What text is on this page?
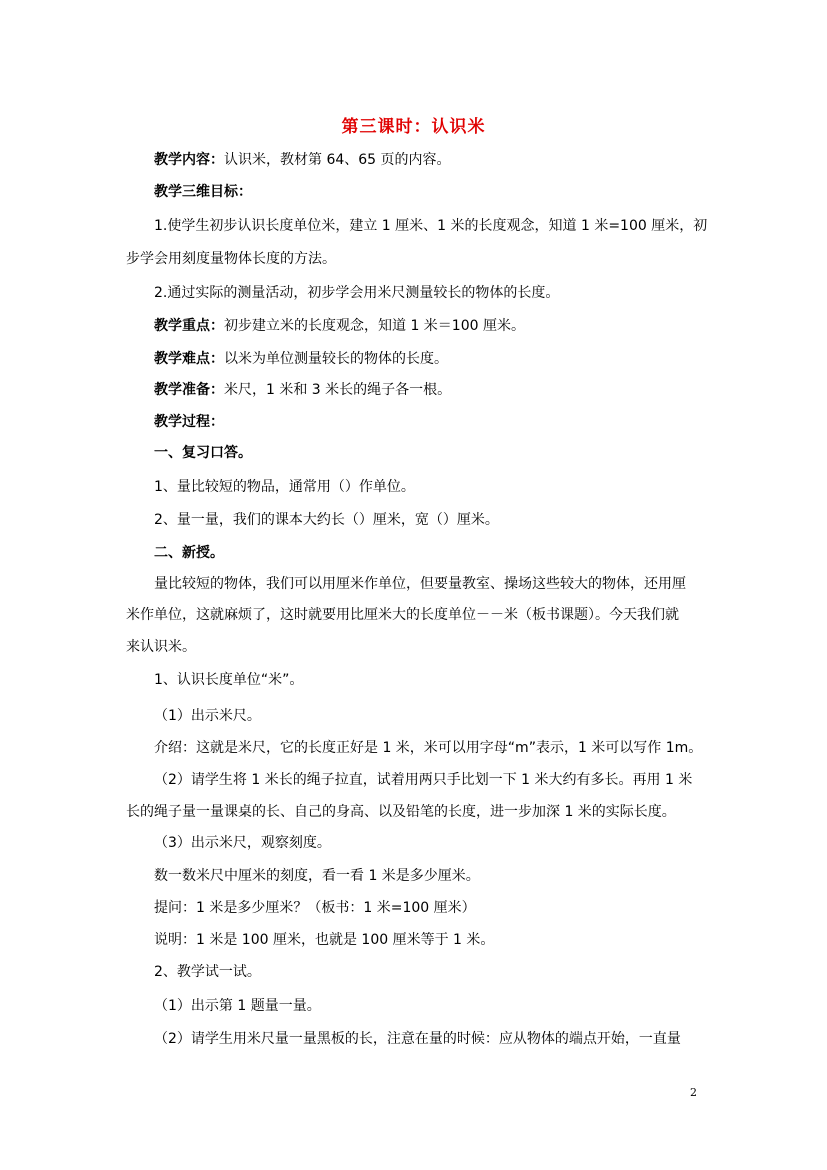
第三课时：认识米
教学内容：认识米，教材第 64、65 页的内容。
教学三维目标：
1.使学生初步认识长度单位米，建立 1 厘米、1 米的长度观念，知道 1 米=100 厘米，初
步学会用刻度量物体长度的方法。
2.通过实际的测量活动，初步学会用米尺测量较长的物体的长度。
教学重点：初步建立米的长度观念，知道 1 米＝100 厘米。
教学难点：以米为单位测量较长的物体的长度。
教学准备：米尺，1 米和 3 米长的绳子各一根。
教学过程：
一、复习口答。
1、量比较短的物品，通常用（）作单位。
2、量一量，我们的课本大约长（）厘米，宽（）厘米。
二、新授。
量比较短的物体，我们可以用厘米作单位，但要量教室、操场这些较大的物体，还用厘
米作单位，这就麻烦了，这时就要用比厘米大的长度单位－－米（板书课题）。今天我们就
来认识米。
1、认识长度单位“米”。
（1）出示米尺。
介绍：这就是米尺，它的长度正好是 1 米，米可以用字母“m”表示，1 米可以写作 1m。
（2）请学生将 1 米长的绳子拉直，试着用两只手比划一下 1 米大约有多长。再用 1 米
长的绳子量一量课桌的长、自己的身高、以及铅笔的长度，进一步加深 1 米的实际长度。
（3）出示米尺，观察刻度。
数一数米尺中厘米的刻度，看一看 1 米是多少厘米。
提问：1 米是多少厘米？（板书：1 米=100 厘米）
说明：1 米是 100 厘米，也就是 100 厘米等于 1 米。
2、教学试一试。
（1）出示第 1 题量一量。
（2）请学生用米尺量一量黑板的长，注意在量的时候：应从物体的端点开始，一直量
2
